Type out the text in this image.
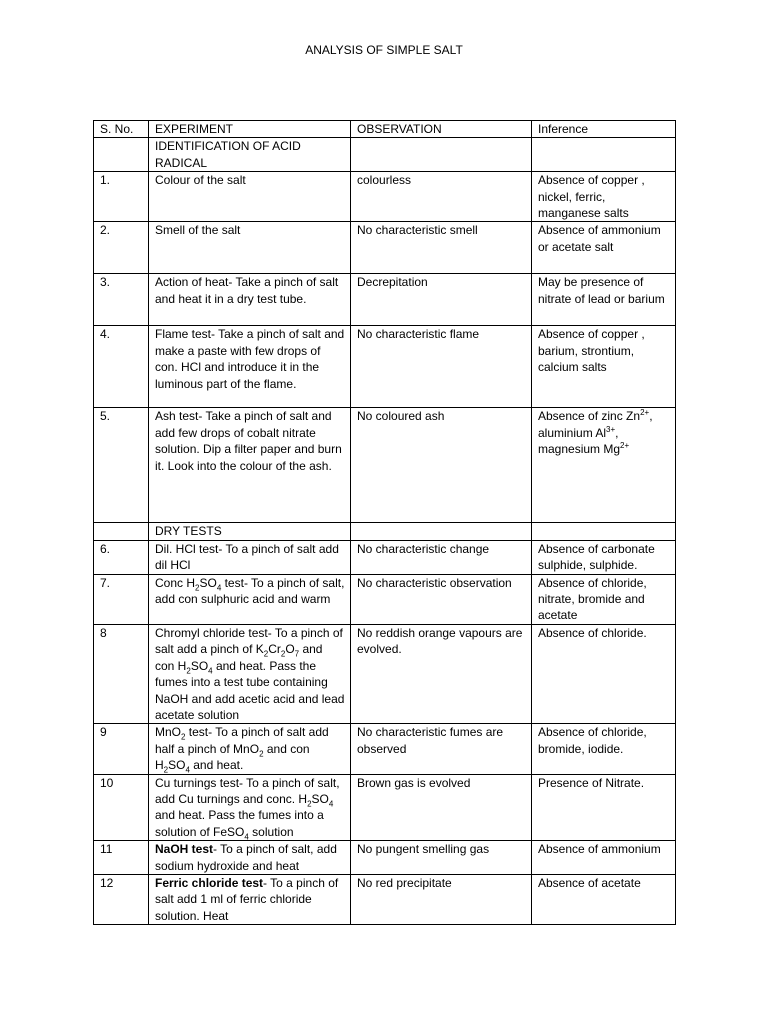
ANALYSIS OF SIMPLE SALT
S. No.	EXPERIMENT	OBSERVATION	Inference
	IDENTIFICATION OF ACID RADICAL		
1.	Colour of the salt	colourless	Absence of copper , nickel, ferric, manganese salts
2.	Smell of the salt	No characteristic smell	Absence of ammonium or acetate salt
3.	Action of heat- Take a pinch of salt and heat it in a dry test tube.	Decrepitation	May be presence of nitrate of lead or barium
4.	Flame test- Take a pinch of salt and make a paste with few drops of con. HCl and introduce it in the luminous part of the flame.	No characteristic flame	Absence of copper , barium, strontium, calcium salts
5.	Ash test- Take a pinch of salt and add few drops of cobalt nitrate solution. Dip a filter paper and burn it. Look into the colour of the ash.	No coloured ash	Absence of zinc $Zn^{2+}$, aluminium $Al^{3+}$, magnesium $Mg^{2+}$
	DRY TESTS		
6.	Dil. HCl test- To a pinch of salt add dil HCl	No characteristic change	Absence of carbonate sulphide, sulphide.
7.	Conc $H_2SO_4$ test- To a pinch of salt, add con sulphuric acid and warm	No characteristic observation	Absence of chloride, nitrate, bromide and acetate
8	Chromyl chloride test- To a pinch of salt add a pinch of $K_2Cr_2O_7$ and con $H_2SO_4$ and heat. Pass the fumes into a test tube containing NaOH and add acetic acid and lead acetate solution	No reddish orange vapours are evolved.	Absence of chloride.
9	MnO$_2$ test- To a pinch of salt add half a pinch of MnO$_2$ and con $H_2SO_4$ and heat.	No characteristic fumes are observed	Absence of chloride, bromide, iodide.
10	Cu turnings test- To a pinch of salt, add Cu turnings and conc. $H_2SO_4$ and heat. Pass the fumes into a solution of FeSO$_4$ solution	Brown gas is evolved	Presence of Nitrate.
11	NaOH test- To a pinch of salt, add sodium hydroxide and heat	No pungent smelling gas	Absence of ammonium
12	Ferric chloride test- To a pinch of salt add 1 ml of ferric chloride solution. Heat	No red precipitate	Absence of acetate
